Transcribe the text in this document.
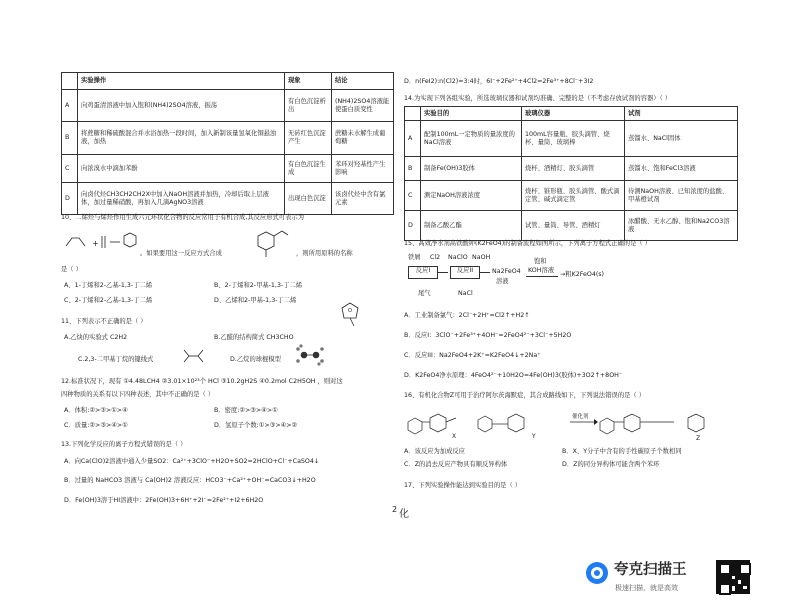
	实验操作	现象	结论
A	向鸡蛋清溶液中加入饱和(NH4)2SO4溶液，振荡	有白色沉淀析出	(NH4)2SO4溶液能使蛋白质变性
B	将蔗糖和稀硫酸混合并水浴加热一段时间，加入新制该量氢氧化铜悬浊液，加热	无砖红色沉淀产生	蔗糖未水解生成葡萄糖
C	向浓溴水中滴加苯酚	有白色沉淀生成	苯环对羟基性产生影响
D	向卤代烃CH3CH2CH2X中加入NaOH溶液并加热，冷却后取上层液体，加过量稀硝酸，再加入几滴AgNO3溶液	出现白色沉淀	该卤代烃中含有氯元素
10、二烯烃与烯烃作用生成六元环状化合物的反应常用于有机合成,其反应形式可表示为
+
。如果要用这一反应方式合成	，则所用原料的名称
是（ ）
A、1-丁烯和2-乙基-1,3-丁二烯	B、2-丁烯和2-甲基-1,3-丁二烯
C、2-丁烯和2-乙基-1,3-丁二烯	D、乙烯和2-甲基-1,3-丁二烯
11、下列表示不正确的是（ ）
O
A.乙炔的实验式 C2H2	B.乙醛的结构简式 CH3CHO
C.2,3-二甲基丁烷的键线式	D.乙烷的球棍模型
12.标准状况下，现有 ①4.48LCH4 ②3.01×10²³个 HCl ③10.2gH2S ④0.2mol C2H5OH ，则对这
四种物质的关系有以下四种表述，其中不正确的是（ ）
A．体积:②>③>①>④	B．密度:②>③>④>①
C．质量:②>③>④>①	D．氢原子个数:①>③>④>②
13.下列化学反应的离子方程式错误的是（ ）
A．向Ca(ClO)2溶液中通入少量SO2：Ca²⁺+3ClO⁻+H2O+SO2=2HClO+Cl⁻+CaSO4↓
B．过量的 NaHCO3 溶液与 Ca(OH)2 溶液反应：HCO3⁻+Ca²⁺+OH⁻=CaCO3↓+H2O
D．Fe(OH)3溶于HI溶液中：2Fe(OH)3+6H⁺+2I⁻=2Fe²⁺+I2+6H2O
D．n(FeI2):n(Cl2)=3:4时，6I⁻+2Fe²⁺+4Cl2=2Fe³⁺+8Cl⁻+3I2
14.为实现下列各组实验，所选玻璃仪器和试剂均准确、完整的是（不考虑存放试剂的容器）（ ）
	实验目的	玻璃仪器	试剂
A	配制100mL一定物质的量浓度的NaCl溶液	100mL容量瓶、胶头滴管、烧杯、量筒、玻璃棒	蒸馏水、NaCl固体
B	制备Fe(OH)3胶体	烧杯、酒精灯、胶头滴管	蒸馏水、饱和FeCl3溶液
C	测定NaOH溶液浓度	烧杯、锥形瓶、胶头滴管、酸式滴定管、碱式滴定管	待测NaOH溶液、已知浓度的盐酸、甲基橙试剂
D	制备乙酸乙酯	试管、量筒、导管、酒精灯	冰醋酸、无水乙醇、饱和Na2CO3溶液
15、高效净水剂高铁酸钾(K2FeO4)的制备流程如图所示，下列离子方程式正确的是（ ）
铁屑 Cl2 NaClO NaOH
反应I	反应II	Na2FeO4
溶液
饱和
KOH溶液
→粗K2FeO4(s)
尾气	NaCl
A．工业制备氯气：2Cl⁻+2H⁺=Cl2↑+H2↑
B．反应I：3ClO⁻+2Fe³⁺+4OH⁻=2FeO4²⁻+3Cl⁻+5H2O
C．反应III：Na2FeO4+2K⁺=K2FeO4↓+2Na⁺
D．K2FeO4净水原理：4FeO4²⁻+10H2O=4Fe(OH)3(胶体)+3O2↑+8OH⁻
16、有机化合物Z可用于治疗阿尔茨海默症，其合成路线如下，下列说法错误的是（ ）
X	Y
催化剂
Z
A．该反应为加成反应	B．X、Y分子中含有的手性碳原子个数相同
C．Z的消去反应产物具有顺反异构体	D．Z的同分异构体可能含两个苯环
17、下列实验操作能达到实验目的是（ ）
2 化
夸克扫描王
极速扫描，就是高效
